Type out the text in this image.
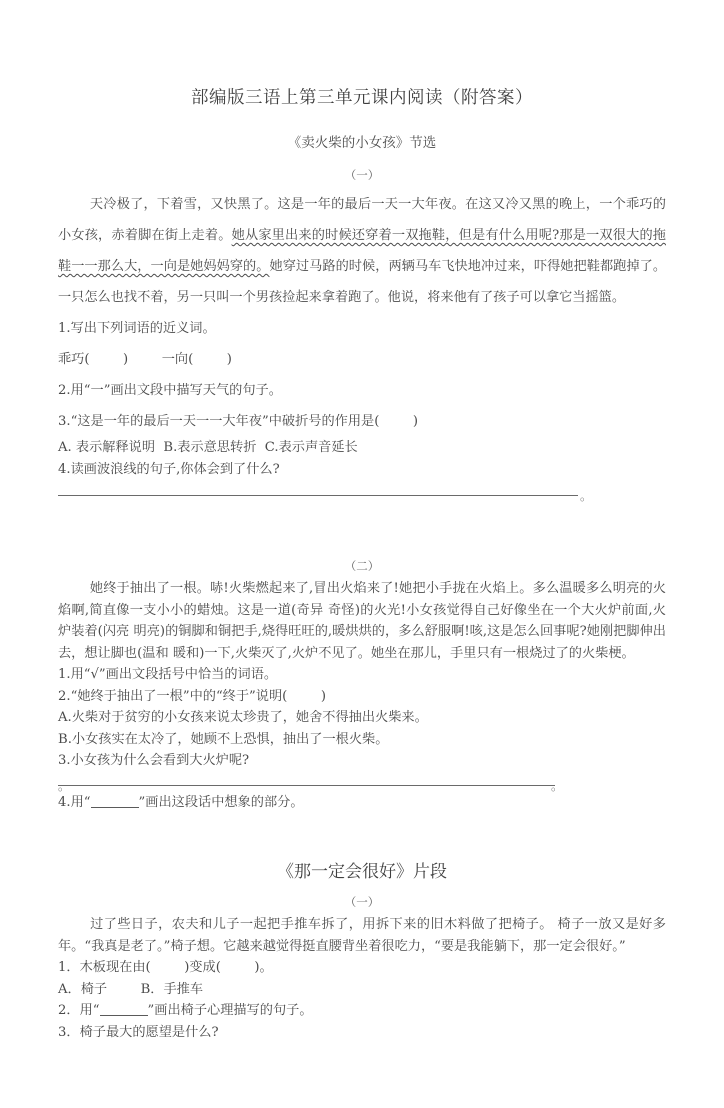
部编版三语上第三单元课内阅读（附答案）
《卖火柴的小女孩》节选
（一）

天冷极了，下着雪，又快黑了。这是一年的最后一天一大年夜。在这又冷又黑的晚上，一个乖巧的小女孩，赤着脚在街上走着。她从家里出来的时候还穿着一双拖鞋，但是有什么用呢?那是一双很大的拖鞋一一那么大，一向是她妈妈穿的。她穿过马路的时候，两辆马车飞快地冲过来，吓得她把鞋都跑掉了。一只怎么也找不着，另一只叫一个男孩捡起来拿着跑了。他说，将来他有了孩子可以拿它当摇篮。

1.写出下列词语的近义词。
乖巧(        )        一向(        )
2.用“一”画出文段中描写天气的句子。
3.“这是一年的最后一天一一大年夜”中破折号的作用是(        )
A. 表示解释说明  B.表示意思转折  C.表示声音延长
4.读画波浪线的句子,你体会到了什么?
。
（二）

她终于抽出了一根。哧!火柴燃起来了,冒出火焰来了!她把小手拢在火焰上。多么温暖多么明亮的火焰啊,简直像一支小小的蜡烛。这是一道(奇异 奇怪)的火光!小女孩觉得自己好像坐在一个大火炉前面,火炉装着(闪亮 明亮)的铜脚和铜把手,烧得旺旺的,暖烘烘的，多么舒服啊!咳,这是怎么回事呢?她刚把脚伸出去，想让脚也(温和 暖和)一下,火柴灭了,火炉不见了。她坐在那儿，手里只有一根烧过了的火柴梗。

1.用“√”画出文段括号中恰当的词语。
2.“她终于抽出了一根”中的“终于”说明(        )
A.火柴对于贫穷的小女孩来说太珍贵了，她舍不得抽出火柴来。
B.小女孩实在太冷了，她顾不上恐惧，抽出了一根火柴。
3.小女孩为什么会看到大火炉呢?
。	。
4.用“	”画出这段话中想象的部分。
《那一定会很好》片段
（一）

过了些日子，农夫和儿子一起把手推车拆了，用拆下来的旧木料做了把椅子。 椅子一放又是好多年。“我真是老了。”椅子想。它越来越觉得挺直腰背坐着很吃力，“要是我能躺下，那一定会很好。”

1．木板现在由(        )变成(        )。
A．椅子        B．手推车
2．用“	”画出椅子心理描写的句子。
3．椅子最大的愿望是什么?
